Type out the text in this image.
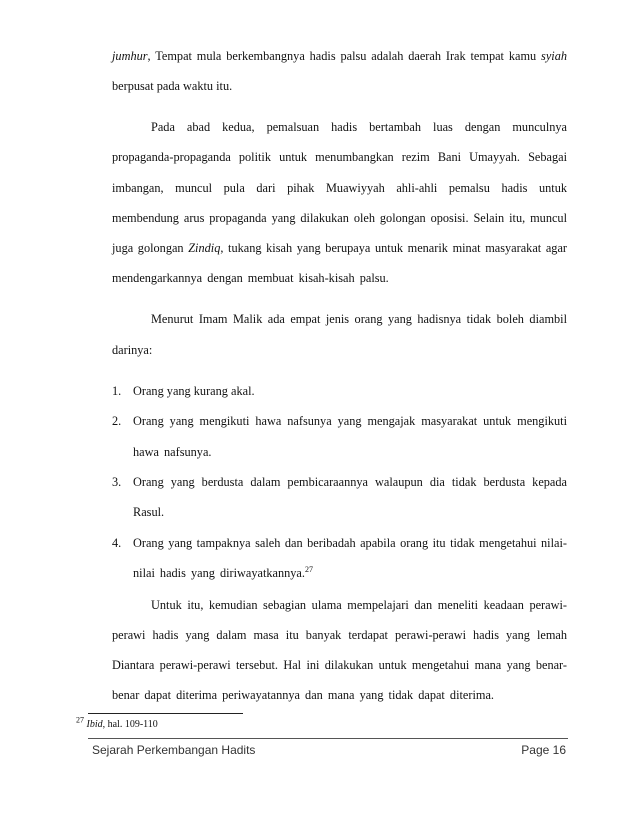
jumhur, Tempat mula berkembangnya hadis palsu adalah daerah Irak tempat kamu syiah
berpusat pada waktu itu.
Pada abad kedua, pemalsuan hadis bertambah luas dengan munculnya
propaganda-propaganda politik untuk menumbangkan rezim Bani Umayyah. Sebagai
imbangan, muncul pula dari pihak Muawiyyah ahli-ahli pemalsu hadis untuk
membendung arus propaganda yang dilakukan oleh golongan oposisi. Selain itu, muncul
juga golongan Zindiq, tukang kisah yang berupaya untuk menarik minat masyarakat agar
mendengarkannya dengan membuat kisah-kisah palsu.
Menurut Imam Malik ada empat jenis orang yang hadisnya tidak boleh diambil
darinya:
1. Orang yang kurang akal.
2. Orang yang mengikuti hawa nafsunya yang mengajak masyarakat untuk mengikuti
hawa nafsunya.
3. Orang yang berdusta dalam pembicaraannya walaupun dia tidak berdusta kepada
Rasul.
4. Orang yang tampaknya saleh dan beribadah apabila orang itu tidak mengetahui nilai-
nilai hadis yang diriwayatkannya.$^{27}$
Untuk itu, kemudian sebagian ulama mempelajari dan meneliti keadaan perawi-
perawi hadis yang dalam masa itu banyak terdapat perawi-perawi hadis yang lemah
Diantara perawi-perawi tersebut. Hal ini dilakukan untuk mengetahui mana yang benar-
benar dapat diterima periwayatannya dan mana yang tidak dapat diterima.
$^{27}$ Ibid, hal. 109-110
Sejarah Perkembangan Hadits	Page 16
